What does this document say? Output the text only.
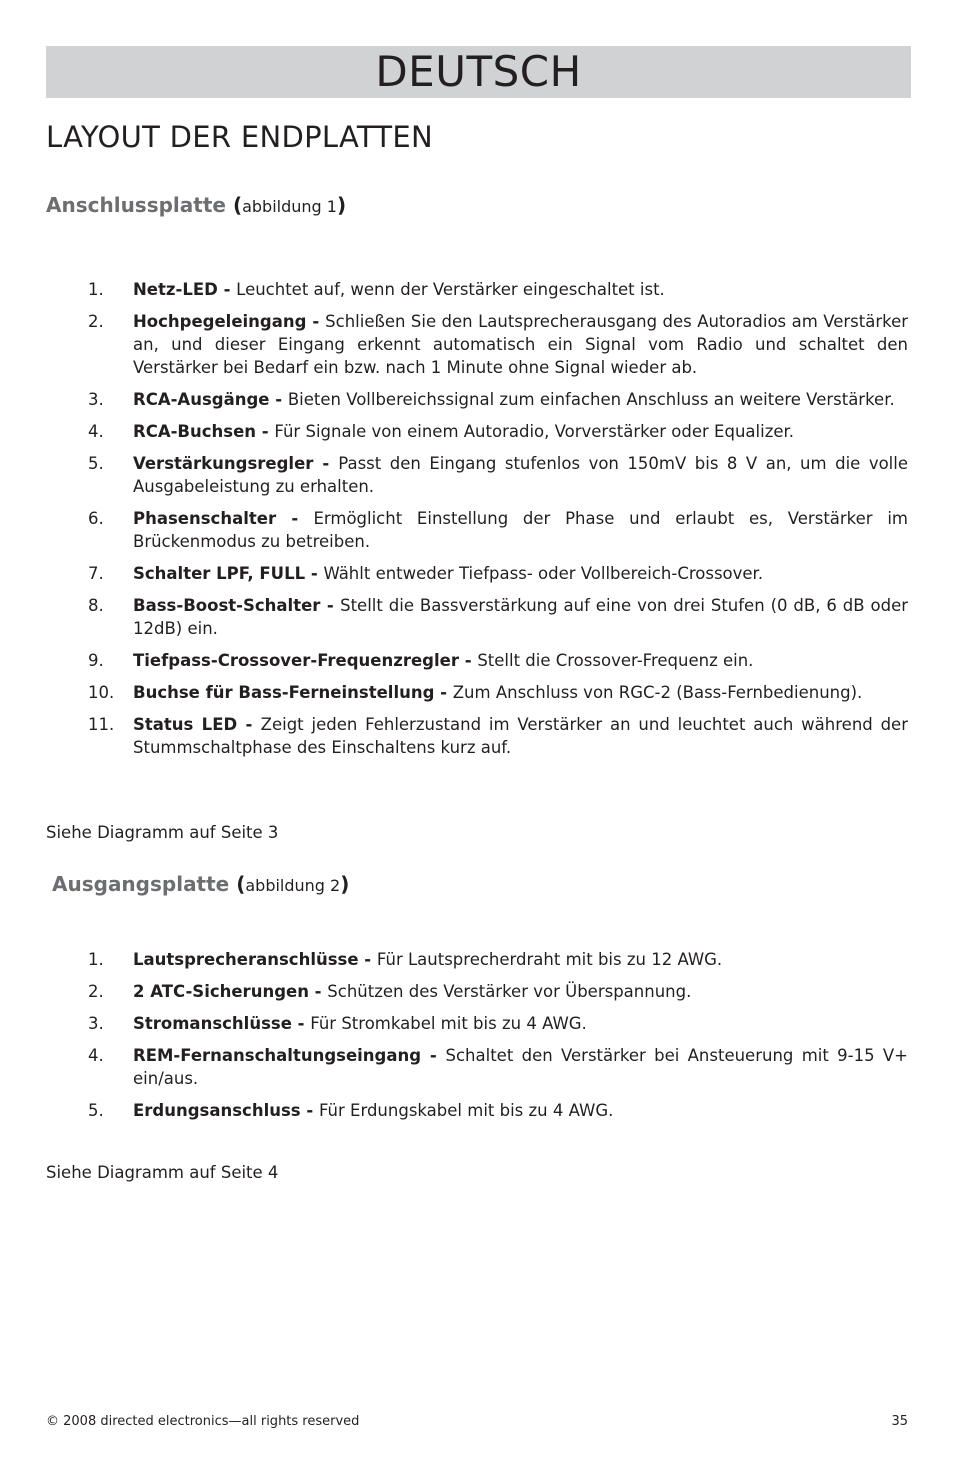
DEUTSCH
LAYOUT DER ENDPLATTEN
Anschlussplatte (abbildung 1)
1. Netz-LED - Leuchtet auf, wenn der Verstärker eingeschaltet ist.
2. Hochpegeleingang - Schließen Sie den Lautsprecherausgang des Autoradios am Verstärker an, und dieser Eingang erkennt automatisch ein Signal vom Radio und schaltet den Verstärker bei Bedarf ein bzw. nach 1 Minute ohne Signal wieder ab.
3. RCA-Ausgänge - Bieten Vollbereichssignal zum einfachen Anschluss an weitere Verstärker.
4. RCA-Buchsen - Für Signale von einem Autoradio, Vorverstärker oder Equalizer.
5. Verstärkungsregler - Passt den Eingang stufenlos von 150mV bis 8 V an, um die volle Ausgabeleistung zu erhalten.
6. Phasenschalter - Ermöglicht Einstellung der Phase und erlaubt es, Verstärker im Brückenmodus zu betreiben.
7. Schalter LPF, FULL - Wählt entweder Tiefpass- oder Vollbereich-Crossover.
8. Bass-Boost-Schalter - Stellt die Bassverstärkung auf eine von drei Stufen (0 dB, 6 dB oder 12dB) ein.
9. Tiefpass-Crossover-Frequenzregler - Stellt die Crossover-Frequenz ein.
10. Buchse für Bass-Ferneinstellung - Zum Anschluss von RGC-2 (Bass-Fernbedienung).
11. Status LED - Zeigt jeden Fehlerzustand im Verstärker an und leuchtet auch während der Stummschaltphase des Einschaltens kurz auf.

Siehe Diagramm auf Seite 3

Ausgangsplatte (abbildung 2)
1. Lautsprecheranschlüsse - Für Lautsprecherdraht mit bis zu 12 AWG.
2. 2 ATC-Sicherungen - Schützen des Verstärker vor Überspannung.
3. Stromanschlüsse - Für Stromkabel mit bis zu 4 AWG.
4. REM-Fernanschaltungseingang - Schaltet den Verstärker bei Ansteuerung mit 9-15 V+ ein/aus.
5. Erdungsanschluss - Für Erdungskabel mit bis zu 4 AWG.

Siehe Diagramm auf Seite 4

© 2008 directed electronics—all rights reserved	35
